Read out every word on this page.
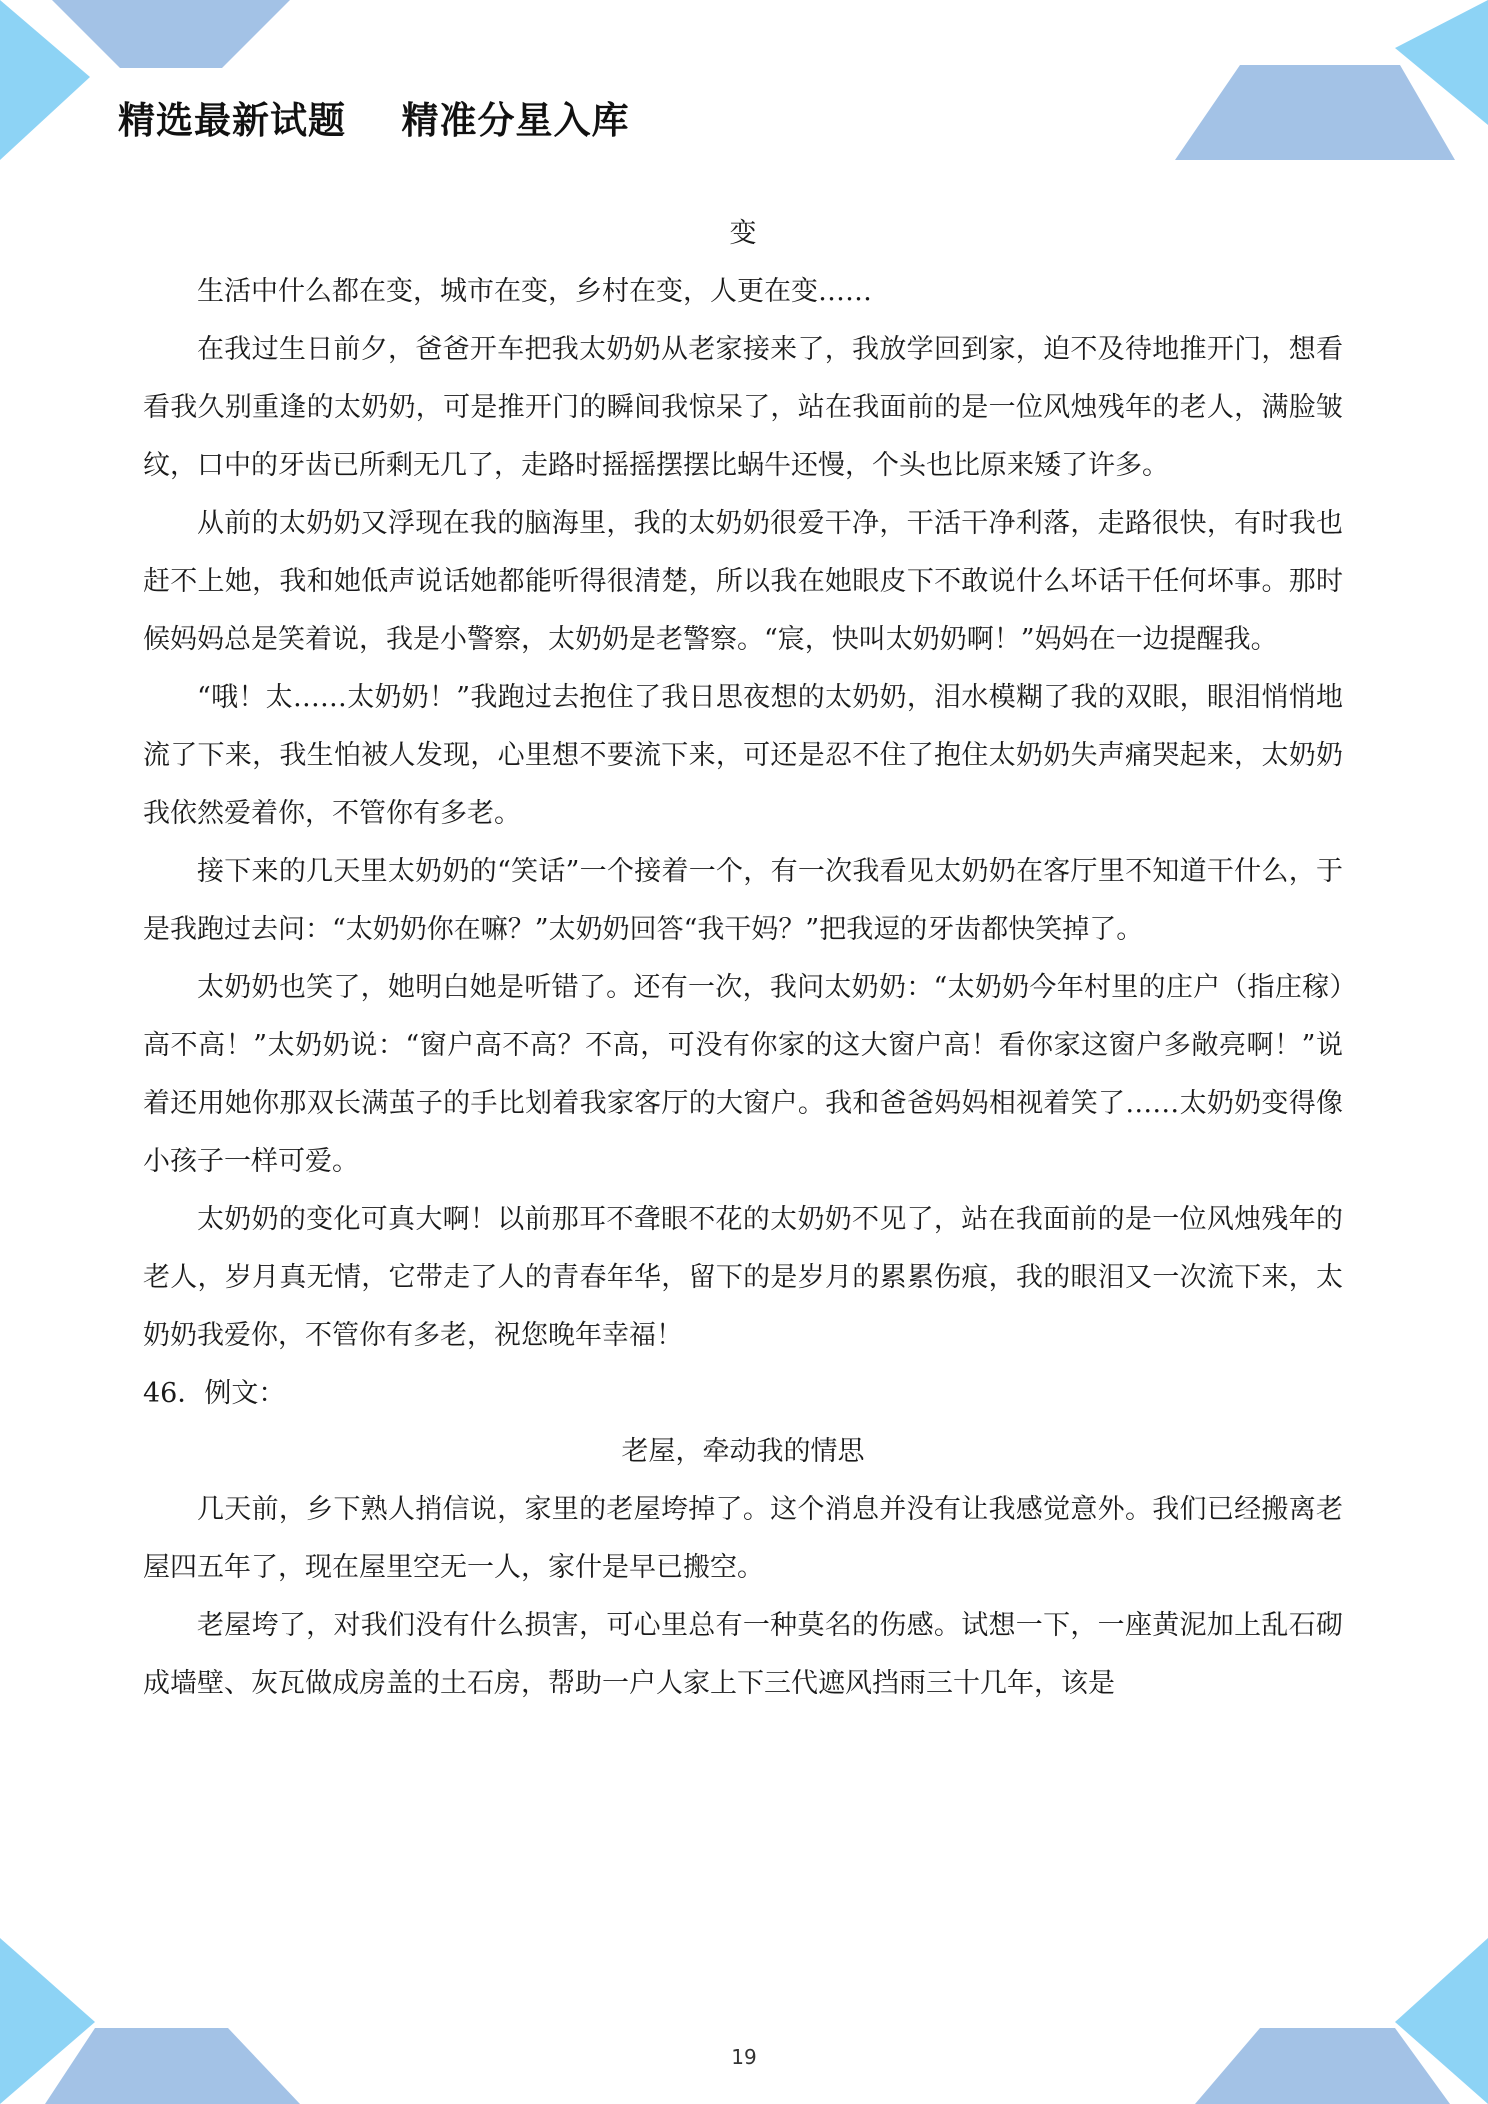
精选最新试题    精准分星入库

变

生活中什么都在变，城市在变，乡村在变，人更在变……

在我过生日前夕，爸爸开车把我太奶奶从老家接来了，我放学回到家，迫不及待地推开门，想看看我久别重逢的太奶奶，可是推开门的瞬间我惊呆了，站在我面前的是一位风烛残年的老人，满脸皱纹，口中的牙齿已所剩无几了，走路时摇摇摆摆比蜗牛还慢，个头也比原来矮了许多。

从前的太奶奶又浮现在我的脑海里，我的太奶奶很爱干净，干活干净利落，走路很快，有时我也赶不上她，我和她低声说话她都能听得很清楚，所以我在她眼皮下不敢说什么坏话干任何坏事。那时候妈妈总是笑着说，我是小警察，太奶奶是老警察。“宸，快叫太奶奶啊！”妈妈在一边提醒我。

“哦！太……太奶奶！”我跑过去抱住了我日思夜想的太奶奶，泪水模糊了我的双眼，眼泪悄悄地流了下来，我生怕被人发现，心里想不要流下来，可还是忍不住了抱住太奶奶失声痛哭起来，太奶奶我依然爱着你，不管你有多老。

接下来的几天里太奶奶的“笑话”一个接着一个，有一次我看见太奶奶在客厅里不知道干什么，于是我跑过去问：“太奶奶你在嘛？”太奶奶回答“我干妈？”把我逗的牙齿都快笑掉了。

太奶奶也笑了，她明白她是听错了。还有一次，我问太奶奶：“太奶奶今年村里的庄户（指庄稼）高不高！”太奶奶说：“窗户高不高？不高，可没有你家的这大窗户高！看你家这窗户多敞亮啊！”说着还用她你那双长满茧子的手比划着我家客厅的大窗户。我和爸爸妈妈相视着笑了……太奶奶变得像小孩子一样可爱。

太奶奶的变化可真大啊！以前那耳不聋眼不花的太奶奶不见了，站在我面前的是一位风烛残年的老人，岁月真无情，它带走了人的青春年华，留下的是岁月的累累伤痕，我的眼泪又一次流下来，太奶奶我爱你，不管你有多老，祝您晚年幸福！

46．例文：

老屋，牵动我的情思

几天前，乡下熟人捎信说，家里的老屋垮掉了。这个消息并没有让我感觉意外。我们已经搬离老屋四五年了，现在屋里空无一人，家什是早已搬空。

老屋垮了，对我们没有什么损害，可心里总有一种莫名的伤感。试想一下，一座黄泥加上乱石砌成墙壁、灰瓦做成房盖的土石房，帮助一户人家上下三代遮风挡雨三十几年，该是

19
